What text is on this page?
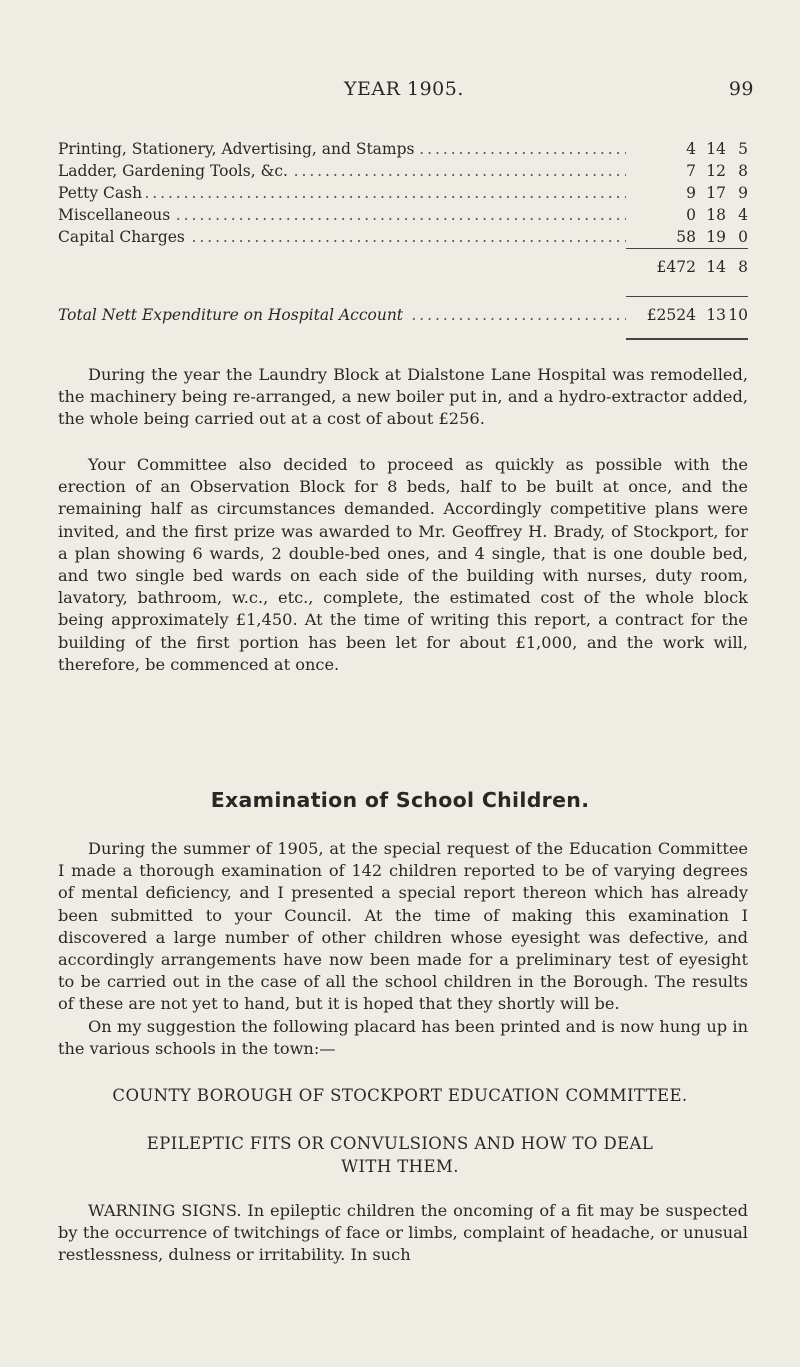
YEAR 1905.	99
. . .
Printing, Stationery, Advertising, and Stamps	4 14 5
. . .
Ladder, Gardening Tools, &c.	7 12 8
. . .
Petty Cash	9 17 9
. . .
Miscellaneous	0 18 4
. . .
Capital Charges	58 19 0
£472 14 8
. . .
Total Nett Expenditure on Hospital Account	£2524 13 10
During the year the Laundry Block at Dialstone Lane Hospital was remodelled, the machinery being re-arranged, a new boiler put in, and a hydro-extractor added, the whole being carried out at a cost of about £256.
Your Committee also decided to proceed as quickly as possible with the erection of an Observation Block for 8 beds, half to be built at once, and the remaining half as circumstances demanded. Accordingly competitive plans were invited, and the first prize was awarded to Mr. Geoffrey H. Brady, of Stockport, for a plan showing 6 wards, 2 double-bed ones, and 4 single, that is one double bed, and two single bed wards on each side of the building with nurses, duty room, lavatory, bathroom, w.c., etc., complete, the estimated cost of the whole block being approximately £1,450. At the time of writing this report, a contract for the building of the first portion has been let for about £1,000, and the work will, therefore, be commenced at once.
Examination of School Children.
During the summer of 1905, at the special request of the Education Committee I made a thorough examination of 142 children reported to be of varying degrees of mental deficiency, and I presented a special report thereon which has already been submitted to your Council. At the time of making this examination I discovered a large number of other children whose eyesight was defective, and accordingly arrangements have now been made for a preliminary test of eyesight to be carried out in the case of all the school children in the Borough. The results of these are not yet to hand, but it is hoped that they shortly will be.
On my suggestion the following placard has been printed and is now hung up in the various schools in the town:—
COUNTY BOROUGH OF STOCKPORT EDUCATION COMMITTEE.
EPILEPTIC FITS OR CONVULSIONS AND HOW TO DEAL
WITH THEM.
WARNING SIGNS. In epileptic children the oncoming of a fit may be suspected by the occurrence of twitchings of face or limbs, complaint of headache, or unusual restlessness, dulness or irritability. In such
